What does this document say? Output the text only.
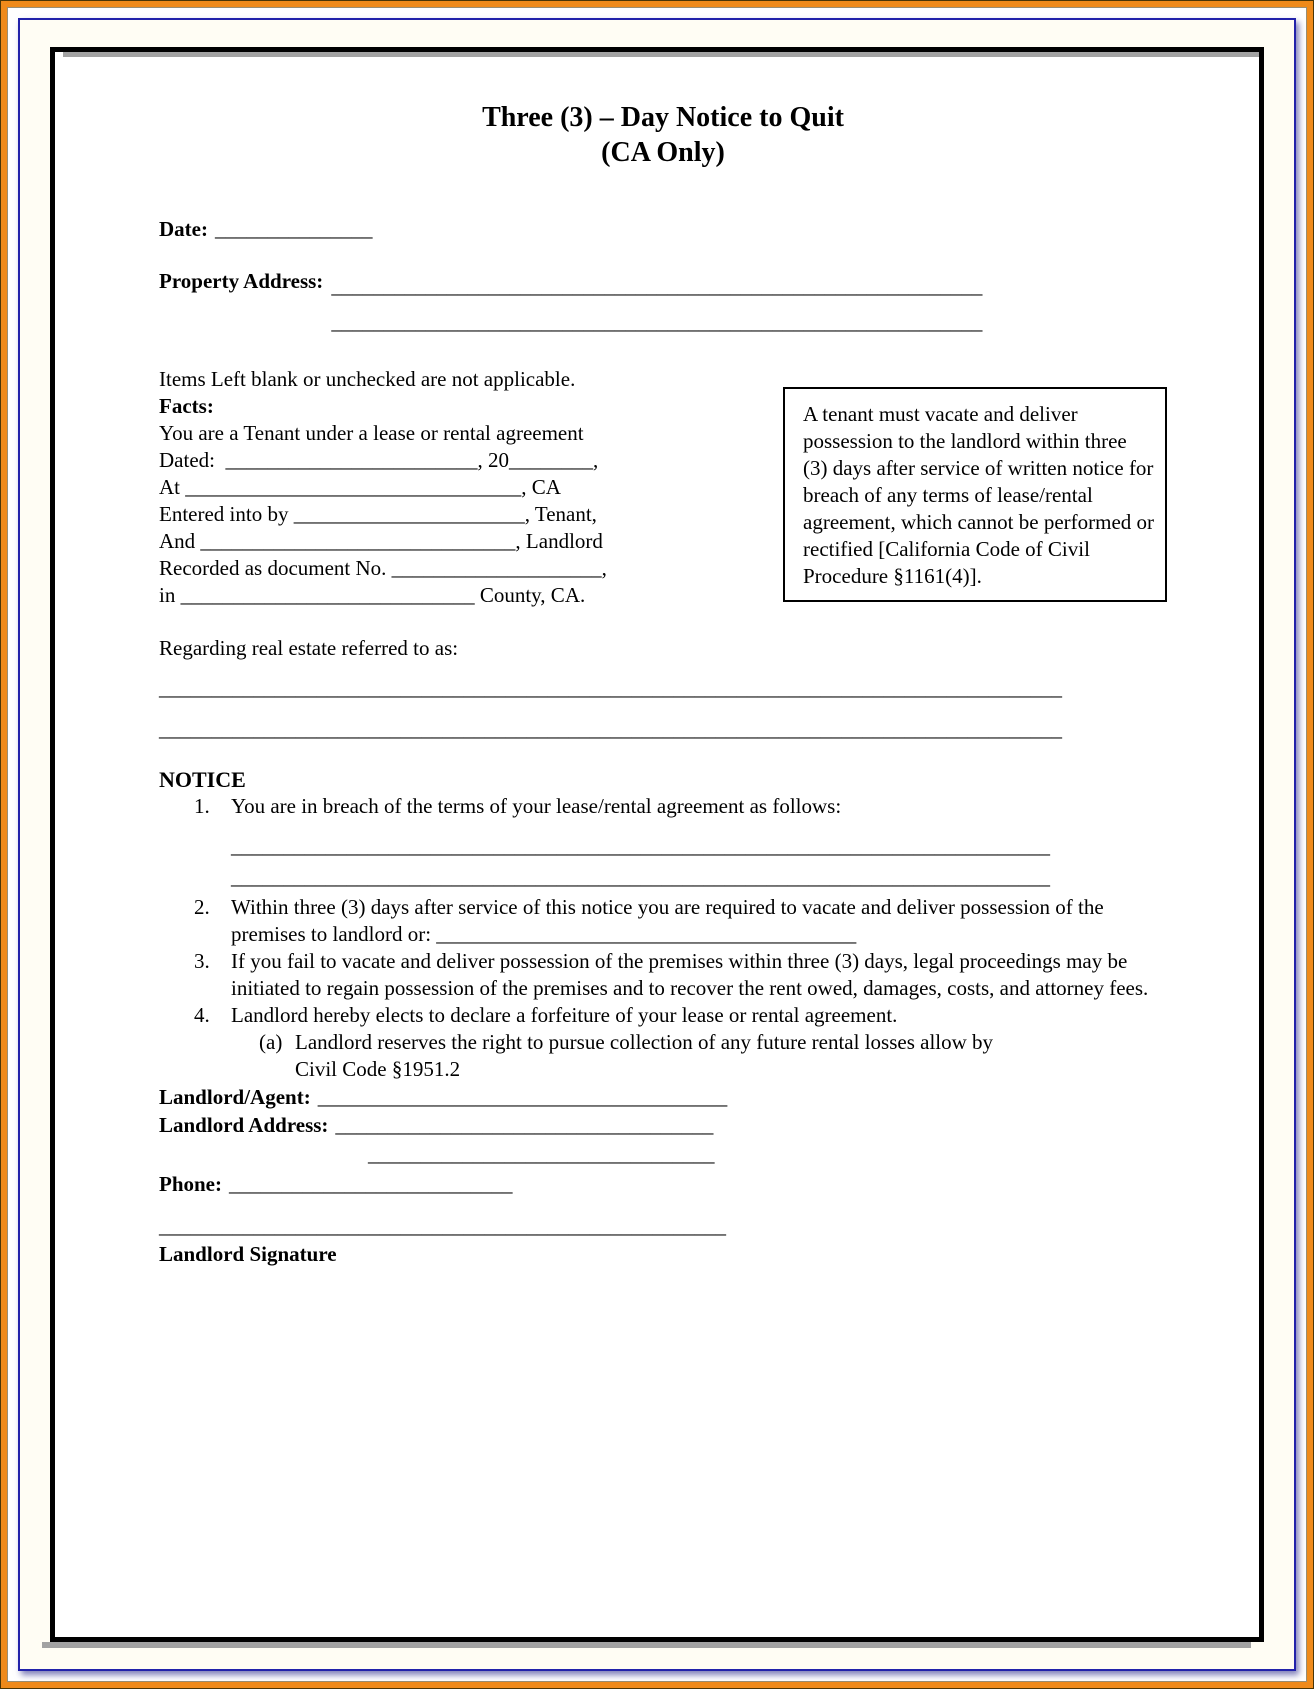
Three (3) – Day Notice to Quit

(CA Only)

Date: _______________

Property Address: ______________________________________________________________
______________________________________________________________

Items Left blank or unchecked are not applicable.

Facts:

You are a Tenant under a lease or rental agreement

Dated:  ________________________, 20________,

At ________________________________, CA

Entered into by ______________________, Tenant,

And ______________________________, Landlord

Recorded as document No. ____________________,

in ____________________________ County, CA.

A tenant must vacate and deliver possession to the landlord within three (3) days after service of written notice for breach of any terms of lease/rental agreement, which cannot be performed or rectified [California Code of Civil Procedure §1161(4)].

Regarding real estate referred to as:

______________________________________________________________________________________

______________________________________________________________________________________

NOTICE

1. You are in breach of the terms of your lease/rental agreement as follows:

______________________________________________________________________________

______________________________________________________________________________

2. Within three (3) days after service of this notice you are required to vacate and deliver possession of the premises to landlord or: ________________________________________

3. If you fail to vacate and deliver possession of the premises within three (3) days, legal proceedings may be initiated to regain possession of the premises and to recover the rent owed, damages, costs, and attorney fees.

4. Landlord hereby elects to declare a forfeiture of your lease or rental agreement.

(a) Landlord reserves the right to pursue collection of any future rental losses allow by

Civil Code §1951.2

Landlord/Agent: _______________________________________

Landlord Address: ____________________________________

_________________________________

Phone: ___________________________

______________________________________________________

Landlord Signature
